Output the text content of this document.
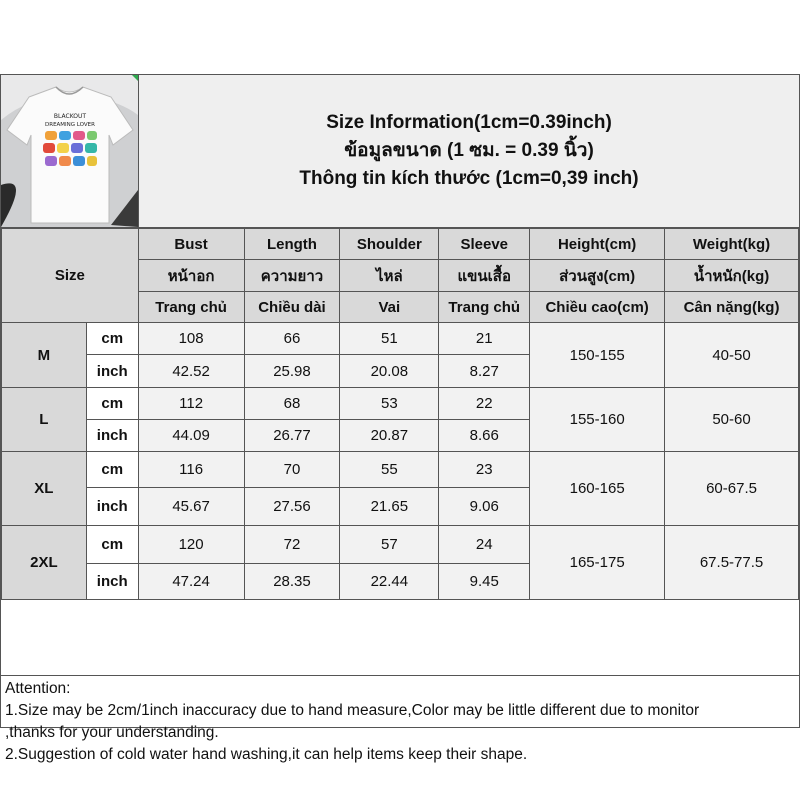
BLACKOUT
DREAMING LOVER	Size Information(1cm=0.39inch)
ข้อมูลขนาด (1 ซม. = 0.39 นิ้ว)
Thông tin kích thước (1cm=0,39 inch)
Size		Bust	Length	Shoulder	Sleeve	Height(cm)	Weight(kg)
		หน้าอก	ความยาว	ไหล่	แขนเสื้อ	ส่วนสูง(cm)	น้ำหนัก(kg)
		Trang chủ	Chiều dài	Vai	Trang chủ	Chiều cao(cm)	Cân nặng(kg)
M	cm	108	66	51	21	150-155	40-50
	inch	42.52	25.98	20.08	8.27		
L	cm	112	68	53	22	155-160	50-60
	inch	44.09	26.77	20.87	8.66		
XL	cm	116	70	55	23	160-165	60-67.5
	inch	45.67	27.56	21.65	9.06		
2XL	cm	120	72	57	24	165-175	67.5-77.5
	inch	47.24	28.35	22.44	9.45		
Attention:
1.Size may be 2cm/1inch inaccuracy due to hand measure,Color may be little different due to monitor
,thanks for your understanding.
2.Suggestion of cold water hand washing,it can help items keep their shape.
